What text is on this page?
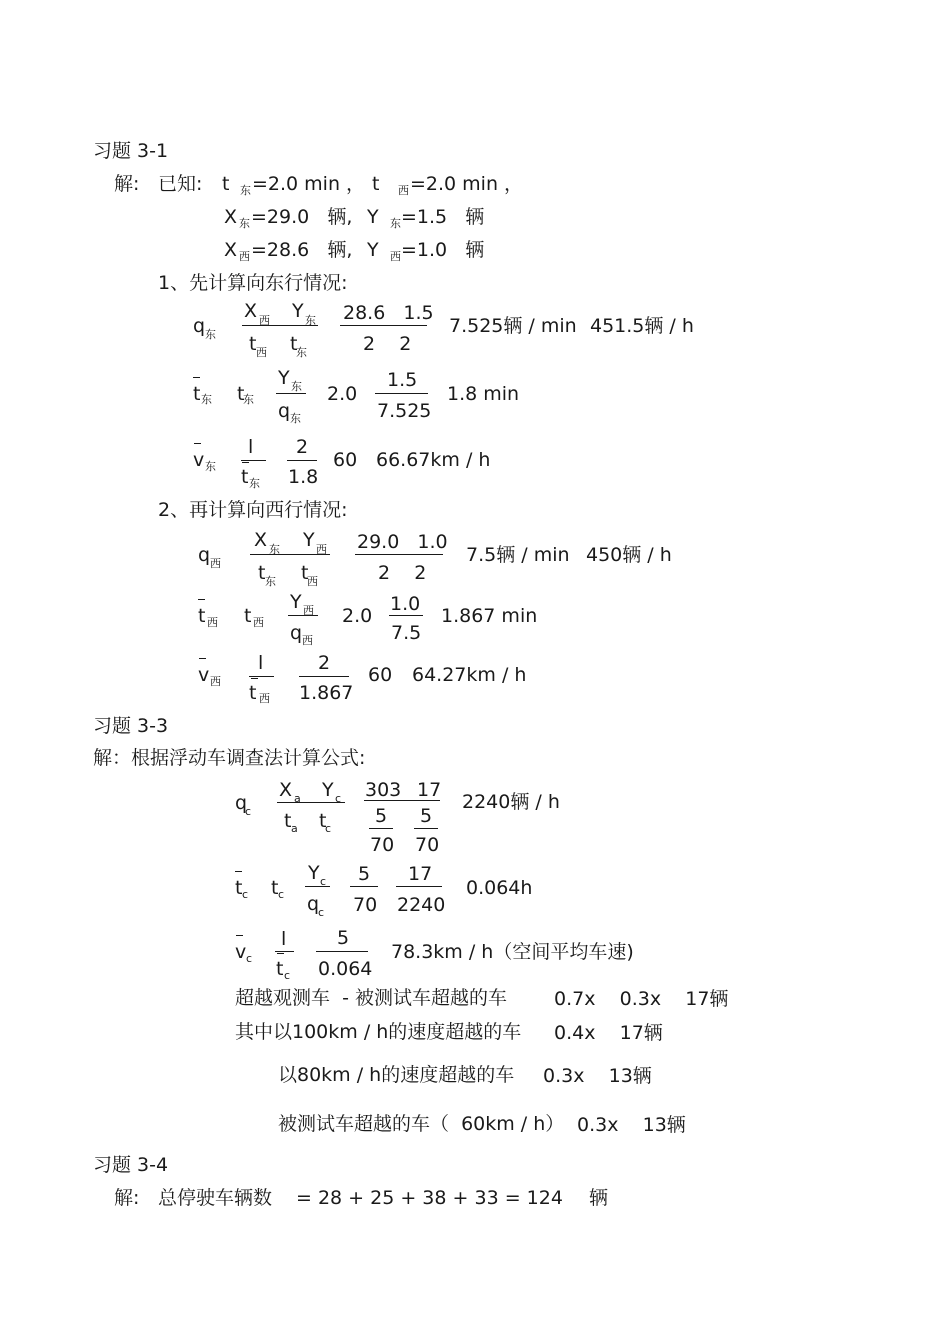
习题 3-1
解: 已知: t 东 =2.0 min ， t 西 =2.0 min ，
X 东 =29.0   辆, Y 东 =1.5   辆
X 西 =28.6   辆, Y 西 =1.0   辆
1、先计算向东行情况:
q 东
X 西 Y 东
t 西 t
东
28.6   1.5
2    2
7.525辆 / min 451.5辆 / h
t 东 t
东
Y 东
q 东
2.0
1.5
7.525
1.8 min
v 东
l
t 东
2
1.8
60 66.67km / h
2、再计算向西行情况:
q 西
X 东 Y 西
t 东 t
西
29.0   1.0
2    2
7.5辆 / min 450辆 / h
t 西 t 西
Y 西
q 西
2.0
1.0
7.5
1.867 min
v 西
l
t 西
2
1.867
60 64.27km / h
习题 3-3
解：根据浮动车调查法计算公式:
q
c
X a Y c
t a t
c
303 17
5
70
5
70
2240辆 / h
t c t c
Y c
q
c
5
70
17
2240
0.064h
v c
l
t c
5
0.064
78.3km / h（空间平均车速)
超越观测车  - 被测试车超越的车 0.7x    0.3x    17辆
其中以100km / h的速度超越的车 0.4x    17辆
以80km / h的速度超越的车 0.3x    13辆
被测试车超越的车（  60km / h） 0.3x    13辆
习题 3-4
解: 总停驶车辆数 = 28 + 25 + 38 + 33 = 124 辆
